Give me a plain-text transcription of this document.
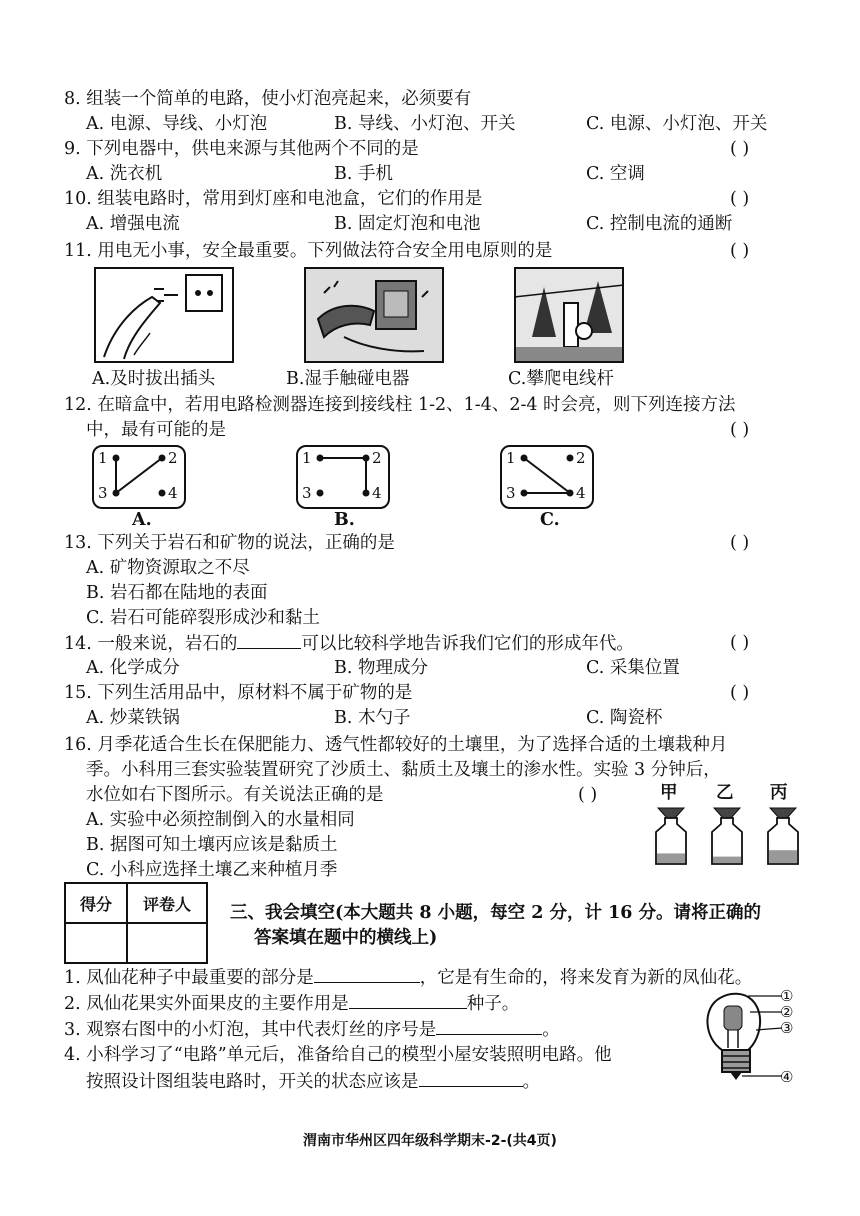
8. 组装一个简单的电路，使小灯泡亮起来，必须要有
A. 电源、导线、小灯泡	B. 导线、小灯泡、开关	C. 电源、小灯泡、开关
9. 下列电器中，供电来源与其他两个不同的是	( )
A. 洗衣机	B. 手机	C. 空调
10. 组装电路时，常用到灯座和电池盒，它们的作用是	( )
A. 增强电流	B. 固定灯泡和电池	C. 控制电流的通断
11. 用电无小事，安全最重要。下列做法符合安全用电原则的是	( )
A.及时拔出插头	B.湿手触碰电器	C.攀爬电线杆
12. 在暗盒中，若用电路检测器连接到接线柱 1-2、1-4、2-4 时会亮，则下列连接方法
中，最有可能的是	( )
1	2
3	4
A.
1	2
3	4
B.
1	2
3	4
C.
13. 下列关于岩石和矿物的说法，正确的是	( )
A. 矿物资源取之不尽
B. 岩石都在陆地的表面
C. 岩石可能碎裂形成沙和黏土
14. 一般来说，岩石的	可以比较科学地告诉我们它们的形成年代。	( )
A. 化学成分	B. 物理成分	C. 采集位置
15. 下列生活用品中，原材料不属于矿物的是	( )
A. 炒菜铁锅	B. 木勺子	C. 陶瓷杯
16. 月季花适合生长在保肥能力、透气性都较好的土壤里，为了选择合适的土壤栽种月
季。小科用三套实验装置研究了沙质土、黏质土及壤土的渗水性。实验 3 分钟后，
水位如右下图所示。有关说法正确的是	( )	甲 乙 丙
A. 实验中必须控制倒入的水量相同
B. 据图可知土壤丙应该是黏质土
C. 小科应选择土壤乙来种植月季
得分	评卷人
	三、我会填空(本大题共 8 小题，每空 2 分，计 16 分。请将正确的
答案填在题中的横线上)
1. 凤仙花种子中最重要的部分是	，它是有生命的，将来发育为新的凤仙花。
2. 凤仙花果实外面果皮的主要作用是	种子。
3. 观察右图中的小灯泡，其中代表灯丝的序号是	。
4. 小科学习了“电路”单元后，准备给自己的模型小屋安装照明电路。他
按照设计图组装电路时，开关的状态应该是	。
①
②
③
④
渭南市华州区四年级科学期末-2-(共4页)
